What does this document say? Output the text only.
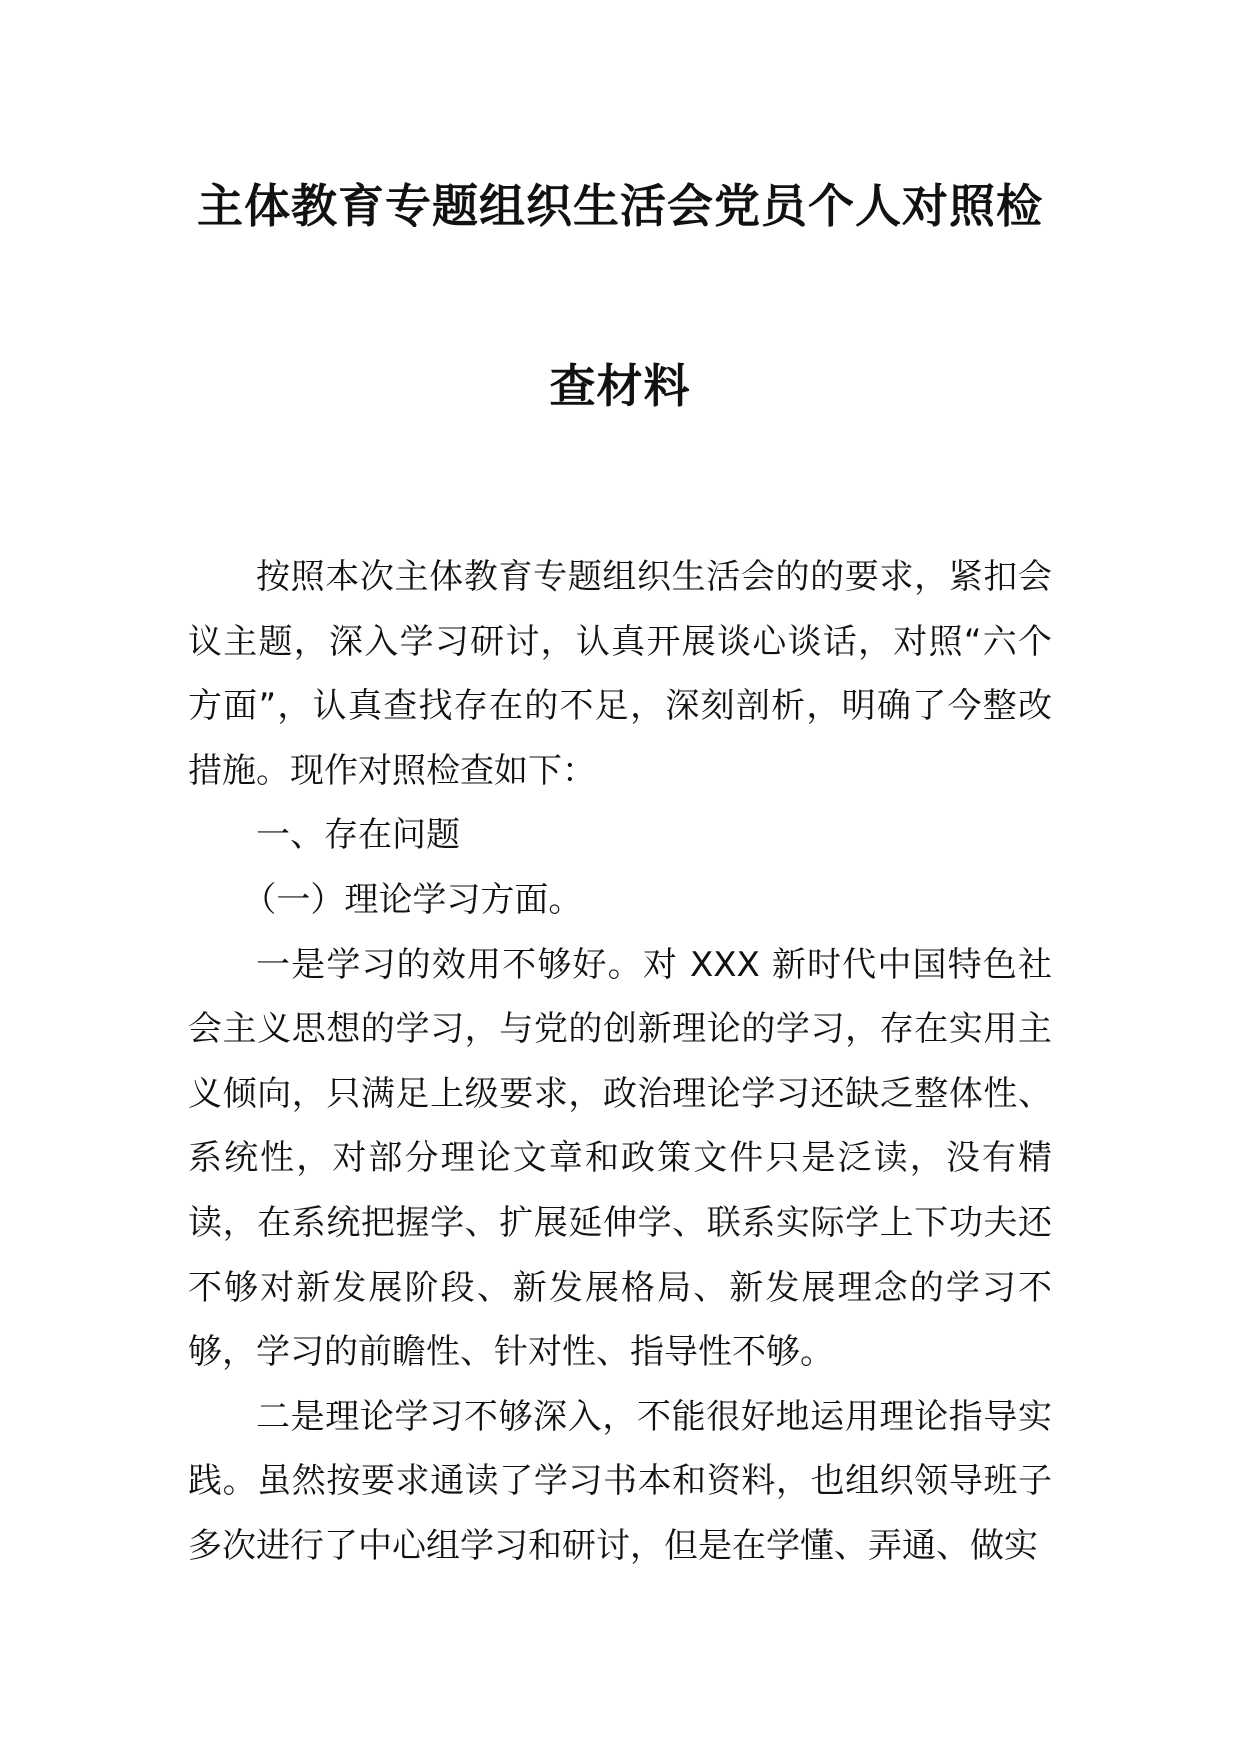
主体教育专题组织生活会党员个人对照检
查材料

按照本次主体教育专题组织生活会的的要求，紧扣会议主题，深入学习研讨，认真开展谈心谈话，对照“六个方面”，认真查找存在的不足，深刻剖析，明确了今整改措施。现作对照检查如下：

一、存在问题

（一）理论学习方面。

一是学习的效用不够好。对 XXX 新时代中国特色社会主义思想的学习，与党的创新理论的学习，存在实用主义倾向，只满足上级要求，政治理论学习还缺乏整体性、系统性，对部分理论文章和政策文件只是泛读，没有精读，在系统把握学、扩展延伸学、联系实际学上下功夫还不够对新发展阶段、新发展格局、新发展理念的学习不够，学习的前瞻性、针对性、指导性不够。

二是理论学习不够深入，不能很好地运用理论指导实践。虽然按要求通读了学习书本和资料，也组织领导班子多次进行了中心组学习和研讨，但是在学懂、弄通、做实
